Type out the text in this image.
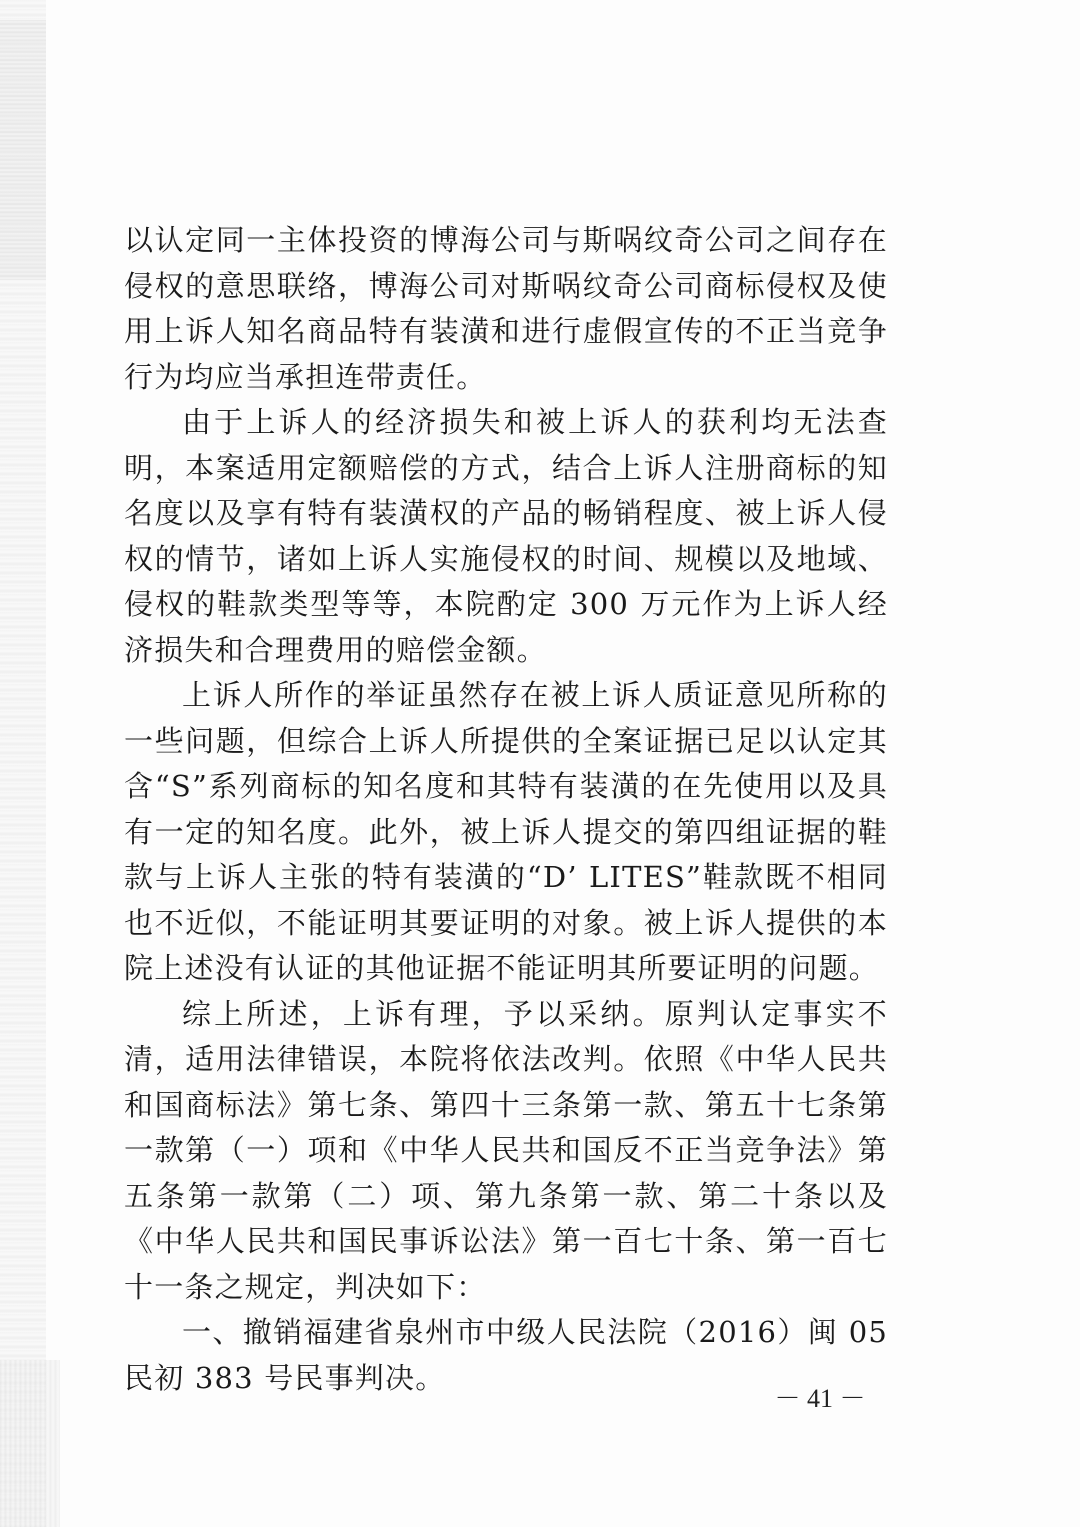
以认定同一主体投资的博海公司与斯㖞纹奇公司之间存在侵权的意思联络，博海公司对斯㖞纹奇公司商标侵权及使用上诉人知名商品特有装潢和进行虚假宣传的不正当竞争行为均应当承担连带责任。

由于上诉人的经济损失和被上诉人的获利均无法查明，本案适用定额赔偿的方式，结合上诉人注册商标的知名度以及享有特有装潢权的产品的畅销程度、被上诉人侵权的情节，诸如上诉人实施侵权的时间、规模以及地域、侵权的鞋款类型等等，本院酌定 300 万元作为上诉人经济损失和合理费用的赔偿金额。

上诉人所作的举证虽然存在被上诉人质证意见所称的一些问题，但综合上诉人所提供的全案证据已足以认定其含“S”系列商标的知名度和其特有装潢的在先使用以及具有一定的知名度。此外，被上诉人提交的第四组证据的鞋款与上诉人主张的特有装潢的“D’ LITES”鞋款既不相同也不近似，不能证明其要证明的对象。被上诉人提供的本院上述没有认证的其他证据不能证明其所要证明的问题。

综上所述，上诉有理，予以采纳。原判认定事实不清，适用法律错误，本院将依法改判。依照《中华人民共和国商标法》第七条、第四十三条第一款、第五十七条第一款第（一）项和《中华人民共和国反不正当竞争法》第五条第一款第（二）项、第九条第一款、第二十条以及《中华人民共和国民事诉讼法》第一百七十条、第一百七十一条之规定，判决如下：

一、撤销福建省泉州市中级人民法院（2016）闽 05 民初 383 号民事判决。

－ 41 －
